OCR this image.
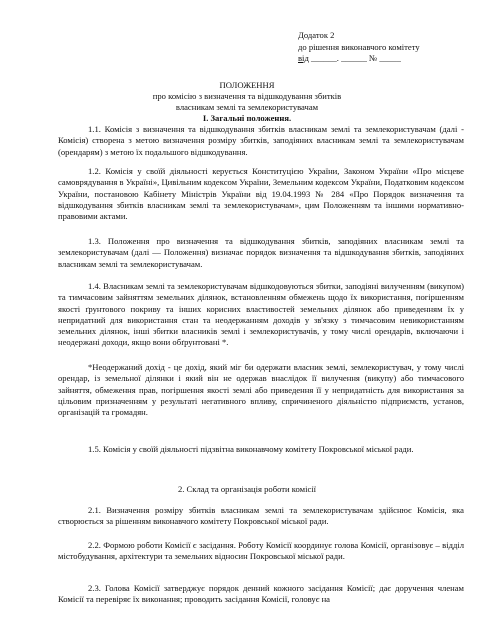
Додаток 2
до рішення виконавчого комітету
від ______. ______ № _____
ПОЛОЖЕННЯ
про комісію з визначення та відшкодування збитків
власникам землі та землекористувачам
І. Загальні положення.

1.1. Комісія з визначення та відшкодування збитків власникам землі та землекористувачам (далі - Комісія) створена з метою визначення розміру збитків, заподіяних власникам землі та землекористувачам (орендарям) з метою їх подальшого відшкодування.

1.2. Комісія у своїй діяльності керується Конституцією України, Законом України «Про місцеве самоврядування в Україні», Цивільним кодексом України, Земельним кодексом України, Податковим кодексом України, постановою Кабінету Міністрів України від 19.04.1993 № 284 «Про Порядок визначення та відшкодування збитків власникам землі та землекористувачам», цим Положенням та іншими нормативно-правовими актами.

1.3. Положення про визначення та відшкодування збитків, заподіяних власникам землі та землекористувачам (далі — Положення) визначає порядок визначення та відшкодування збитків, заподіяних власникам землі та землекористувачам.

1.4. Власникам землі та землекористувачам відшкодовуються збитки, заподіяні вилученням (викупом) та тимчасовим зайняттям земельних ділянок, встановленням обмежень щодо їх використання, погіршенням якості ґрунтового покриву та інших корисних властивостей земельних ділянок або приведенням їх у непридатний для використання стан та неодержанням доходів у зв'язку з тимчасовим невикористанням земельних ділянок, інші збитки власників землі і землекористувачів, у тому числі орендарів, включаючи і неодержані доходи, якщо вони обґрунтовані *.

*Неодержаний дохід - це дохід, який міг би одержати власник землі, землекористувач, у тому числі орендар, із земельної ділянки і який він не одержав внаслідок її вилучення (викупу) або тимчасового зайняття, обмеження прав, погіршення якості землі або приведення її у непридатність для використання за цільовим призначенням у результаті негативного впливу, спричиненого діяльністю підприємств, установ, організацій та громадян.

1.5. Комісія у своїй діяльності підзвітна виконавчому комітету Покровської міської ради.

2. Склад та організація роботи комісії

2.1. Визначення розміру збитків власникам землі та землекористувачам здійснює Комісія, яка створюється за рішенням виконавчого комітету Покровської міської ради.

2.2. Формою роботи Комісії є засідання. Роботу Комісії координує голова Комісії, організовує – відділ містобудування, архітектури та земельних відносин Покровської міської ради.

2.3. Голова Комісії затверджує порядок денний кожного засідання Комісії; дає доручення членам Комісії та перевіряє їх виконання; проводить засідання Комісії, головує на
